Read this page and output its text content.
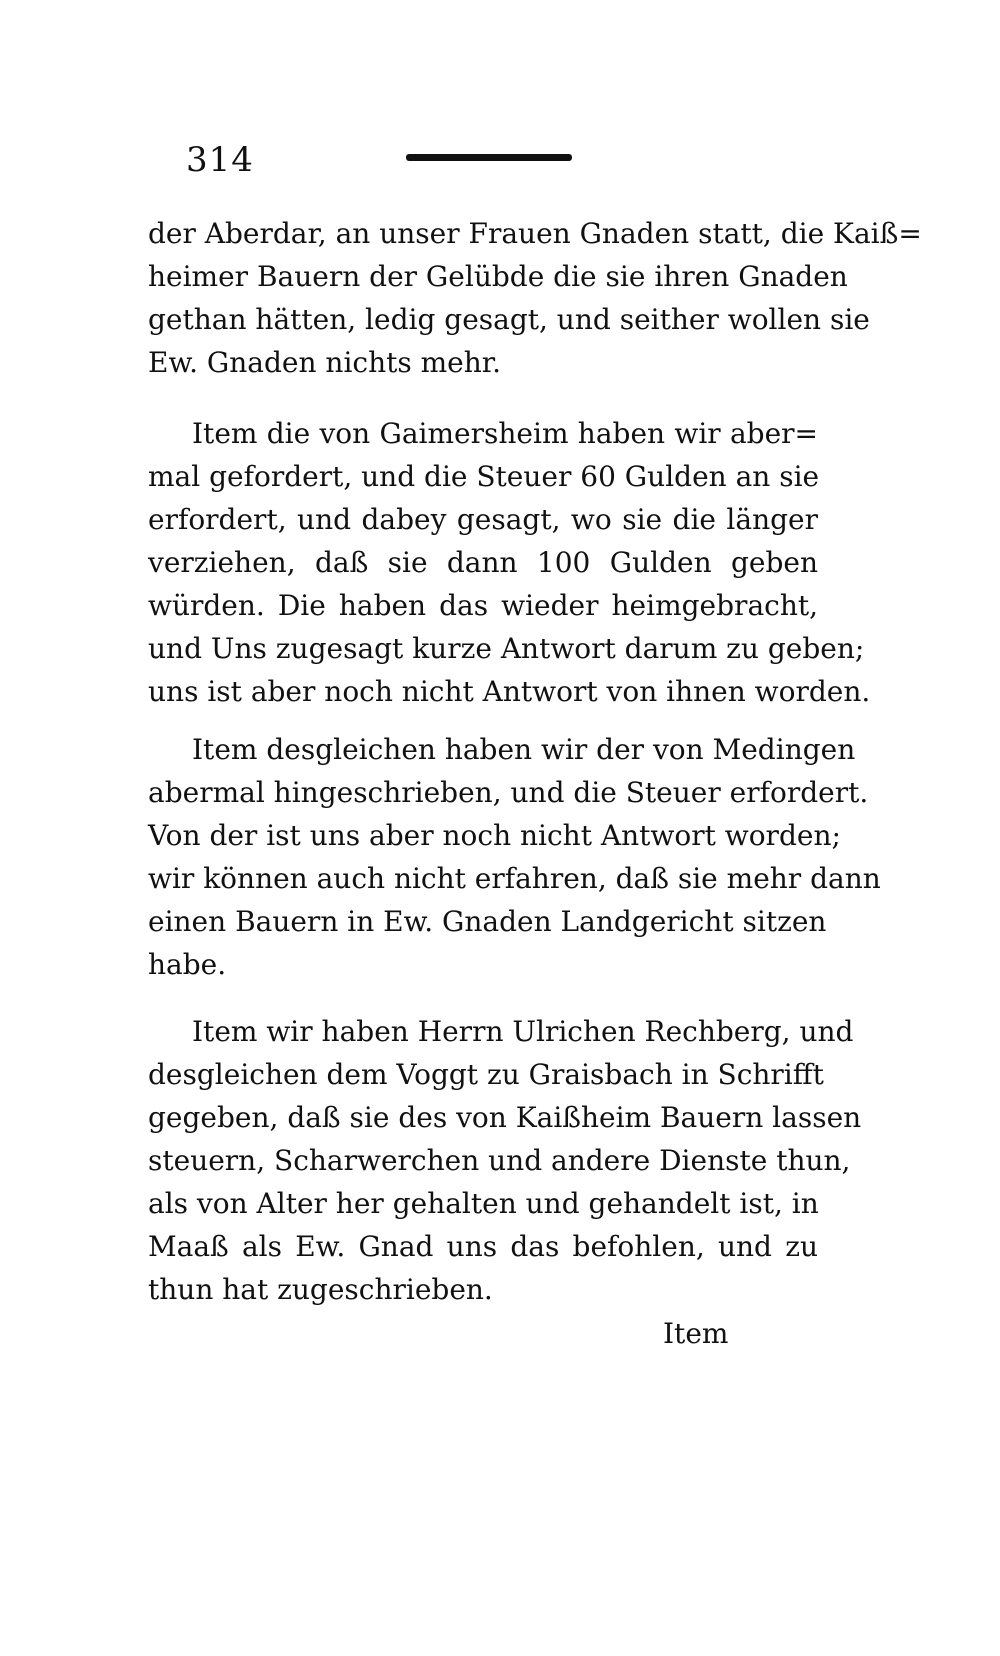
314
der Aberdar, an unser Frauen Gnaden statt, die Kaiß=
heimer Bauern der Gelübde die sie ihren Gnaden
gethan hätten, ledig gesagt, und seither wollen sie
Ew. Gnaden nichts mehr.
Item die von Gaimersheim haben wir aber=
mal gefordert, und die Steuer 60 Gulden an sie
erfordert, und dabey gesagt, wo sie die länger
verziehen, daß sie dann 100 Gulden geben
würden. Die haben das wieder heimgebracht,
und Uns zugesagt kurze Antwort darum zu geben;
uns ist aber noch nicht Antwort von ihnen worden.
Item desgleichen haben wir der von Medingen
abermal hingeschrieben, und die Steuer erfordert.
Von der ist uns aber noch nicht Antwort worden;
wir können auch nicht erfahren, daß sie mehr dann
einen Bauern in Ew. Gnaden Landgericht sitzen
habe.
Item wir haben Herrn Ulrichen Rechberg, und
desgleichen dem Voggt zu Graisbach in Schrifft
gegeben, daß sie des von Kaißheim Bauern lassen
steuern, Scharwerchen und andere Dienste thun,
als von Alter her gehalten und gehandelt ist, in
Maaß als Ew. Gnad uns das befohlen, und zu
thun hat zugeschrieben.
Item
